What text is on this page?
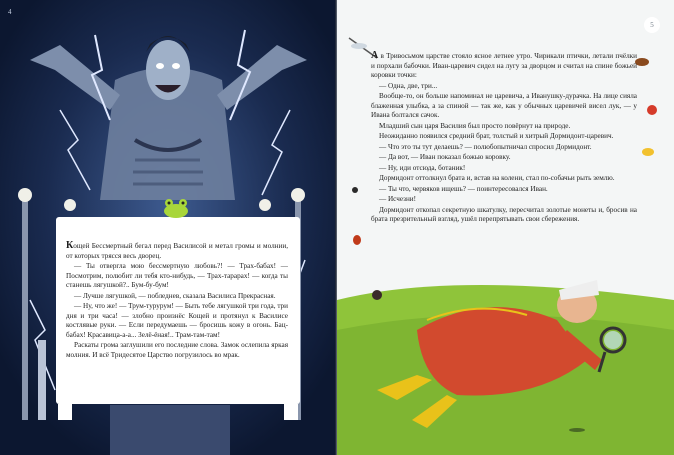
4

Кощей Бессмертный бегал перед Василисой и метал громы и молнии, от которых трясся весь дворец.

— Ты отвергла мою бессмертную любовь?! — Трах-бабах! — Посмотрим, полюбит ли тебя кто-нибудь, — Трах-тарарах! — когда ты станешь лягушкой?.. Бум-бу-бум!

— Лучше лягушкой, — побледнев, сказала Василиса Прекрасная.

— Ну, что же! — Трум-турурум! — Быть тебе лягушкой три года, три дня и три часа! — злобно произнёс Кощей и протянул к Василисе костлявые руки. — Если передумаешь — бросишь кожу в огонь. Бац-бабах! Красавица-а-а... Зелё-ёная!.. Трам-там-там!

Раскаты грома заглушили его последние слова. Замок ослепила яркая молния. И всё Тридесятое Царство погрузилось во мрак.

5

А в Тривосьмом царстве стояло ясное летнее утро. Чирикали птички, летали пчёлки и порхали бабочки. Иван-царевич сидел на лугу за дворцом и считал на спине божьей коровки точки:

— Одна, две, три...

Вообще-то, он больше напоминал не царевича, а Иванушку-дурачка. На лице сияла блаженная улыбка, а за спиной — так же, как у обычных царевичей висел лук, — у Ивана болтался сачок.

Младший сын царя Василия был просто повёрнут на природе.

Неожиданно появился средний брат, толстый и хитрый Дормидонт-царевич.

— Что это ты тут делаешь? — полюбопытничал спросил Дормидонт.

— Да вот, — Иван показал божью коровку.

— Ну, иди отсюда, ботаник!

Дормидонт оттолкнул брата и, встав на колени, стал по-собачьи рыть землю.

— Ты что, червяков ищешь? — поинтересовался Иван.

— Исчезни!

Дормидонт откопал секретную шкатулку, пересчитал золотые монеты и, бросив на брата презрительный взгляд, ушёл перепрятывать свои сбережения.
